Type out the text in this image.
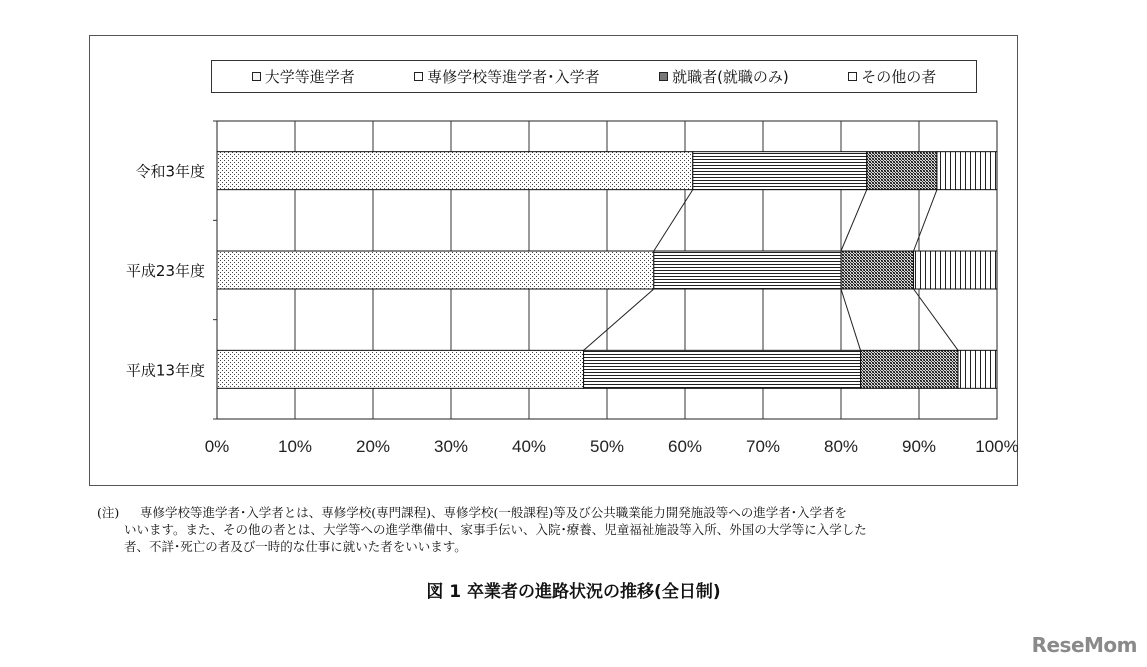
大学等進学者	専修学校等進学者･入学者	就職者(就職のみ)	その他の者
0%	10%	20%	30%	40%	50%	60%	70%	80%	90% 100%
令和3年度
平成23年度
平成13年度
(注) 専修学校等進学者･入学者とは、専修学校(専門課程)、専修学校(一般課程)等及び公共職業能力開発施設等への進学者･入学者を
いいます。また、その他の者とは、大学等への進学準備中、家事手伝い、入院･療養、児童福祉施設等入所、外国の大学等に入学した
者、不詳･死亡の者及び一時的な仕事に就いた者をいいます。
図 1 卒業者の進路状況の推移(全日制)
ReseMom
